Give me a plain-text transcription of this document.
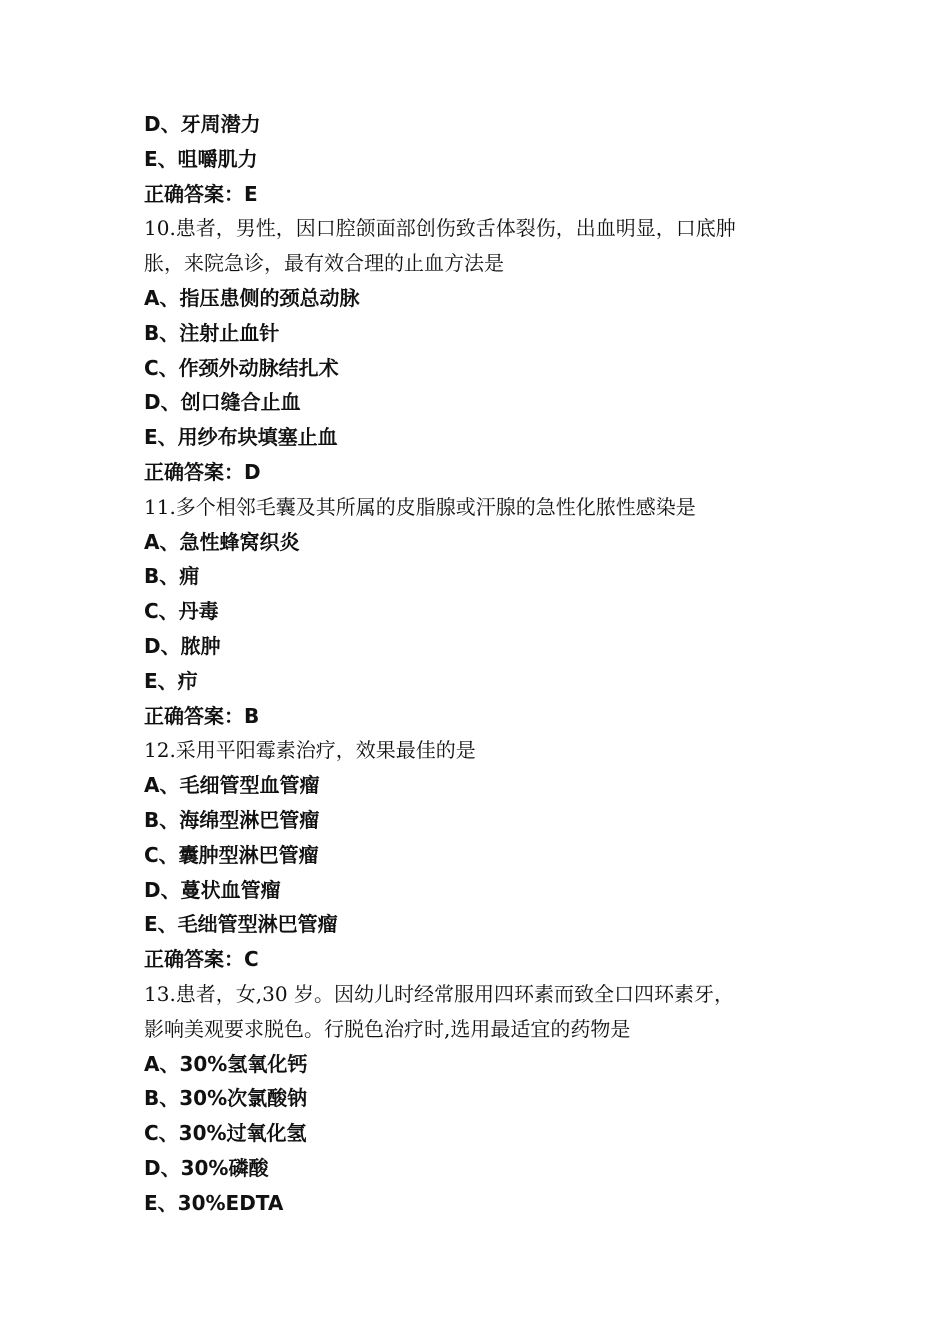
D、牙周潜力
E、咀嚼肌力
正确答案：E
10.患者，男性，因口腔颌面部创伤致舌体裂伤，出血明显，口底肿
胀，来院急诊，最有效合理的止血方法是
A、指压患侧的颈总动脉
B、注射止血针
C、作颈外动脉结扎术
D、创口缝合止血
E、用纱布块填塞止血
正确答案：D
11.多个相邻毛囊及其所属的皮脂腺或汗腺的急性化脓性感染是
A、急性蜂窝织炎
B、痈
C、丹毒
D、脓肿
E、疖
正确答案：B
12.采用平阳霉素治疗，效果最佳的是
A、毛细管型血管瘤
B、海绵型淋巴管瘤
C、囊肿型淋巴管瘤
D、蔓状血管瘤
E、毛绌管型淋巴管瘤
正确答案：C
13.患者，女,30 岁。因幼儿时经常服用四环素而致全口四环素牙，
影响美观要求脱色。行脱色治疗时,选用最适宜的药物是
A、30%氢氧化钙
B、30%次氯酸钠
C、30%过氧化氢
D、30%磷酸
E、30%EDTA
